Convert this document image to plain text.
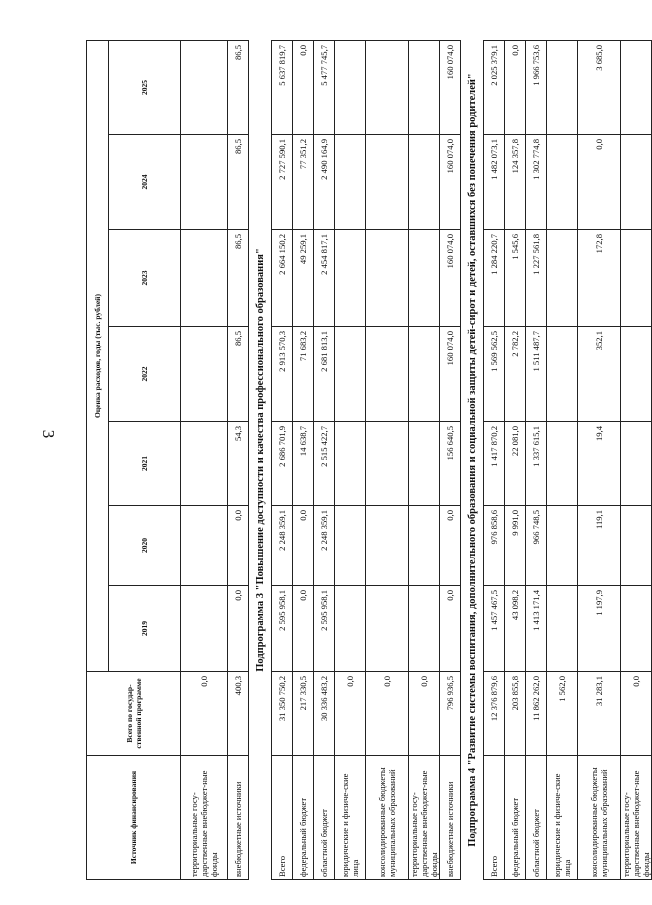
3
Источник финансирования	Всего по государ-ственной программе	Оценка расходов, годы (тыс. рублей)						
		2019	2020	2021	2022	2023	2024	2025
территориальные госу-дарственные внебюджет-ные фонды	0,0							
внебюджетные источники	400,3	0,0	0,0	54,3	86,5	86,5	86,5	86,5
Подпрограмма 3 "Повышение доступности и качества профессионального образования"								
Всего	31 350 750,2	2 595 958,1	2 248 359,1	2 686 701,9	2 913 570,3	2 664 150,2	2 727 590,1	5 637 819,7
федеральный бюджет	217 330,5	0,0	0,0	14 638,7	71 683,2	49 259,1	77 351,2	0,0
областной бюджет	30 336 483,2	2 595 958,1	2 248 359,1	2 515 422,7	2 681 813,1	2 454 817,1	2 490 164,9	5 477 745,7
юридические и физиче-ские лица	0,0							
консолидированные бюджеты муниципальных образований	0,0							
территориальные госу-дарственные внебюджет-ные фонды	0,0							
внебюджетные источники	796 936,5	0,0	0,0	156 640,5	160 074,0	160 074,0	160 074,0	160 074,0
Подпрограмма 4 "Развитие системы воспитания, дополнительного образования и социальной защиты детей-сирот и детей, оставшихся без попечения родителей"								
Всего	12 376 879,6	1 457 467,5	976 858,6	1 417 870,2	1 569 562,5	1 284 220,7	1 482 073,1	2 025 379,1
федеральный бюджет	203 855,8	43 098,2	9 991,0	22 081,0	2 782,2	1 545,6	124 357,8	0,0
областной бюджет	11 862 262,0	1 413 171,4	966 748,5	1 337 615,1	1 511 487,7	1 227 561,8	1 302 774,8	1 966 753,6
юридические и физиче-ские лица	1 562,0							
консолидированные бюджеты муниципальных образований	31 283,1	1 197,9	119,1	19,4	352,1	172,8	0,0	3 685,0
территориальные госу-дарственные внебюджет-ные фонды	0,0							
